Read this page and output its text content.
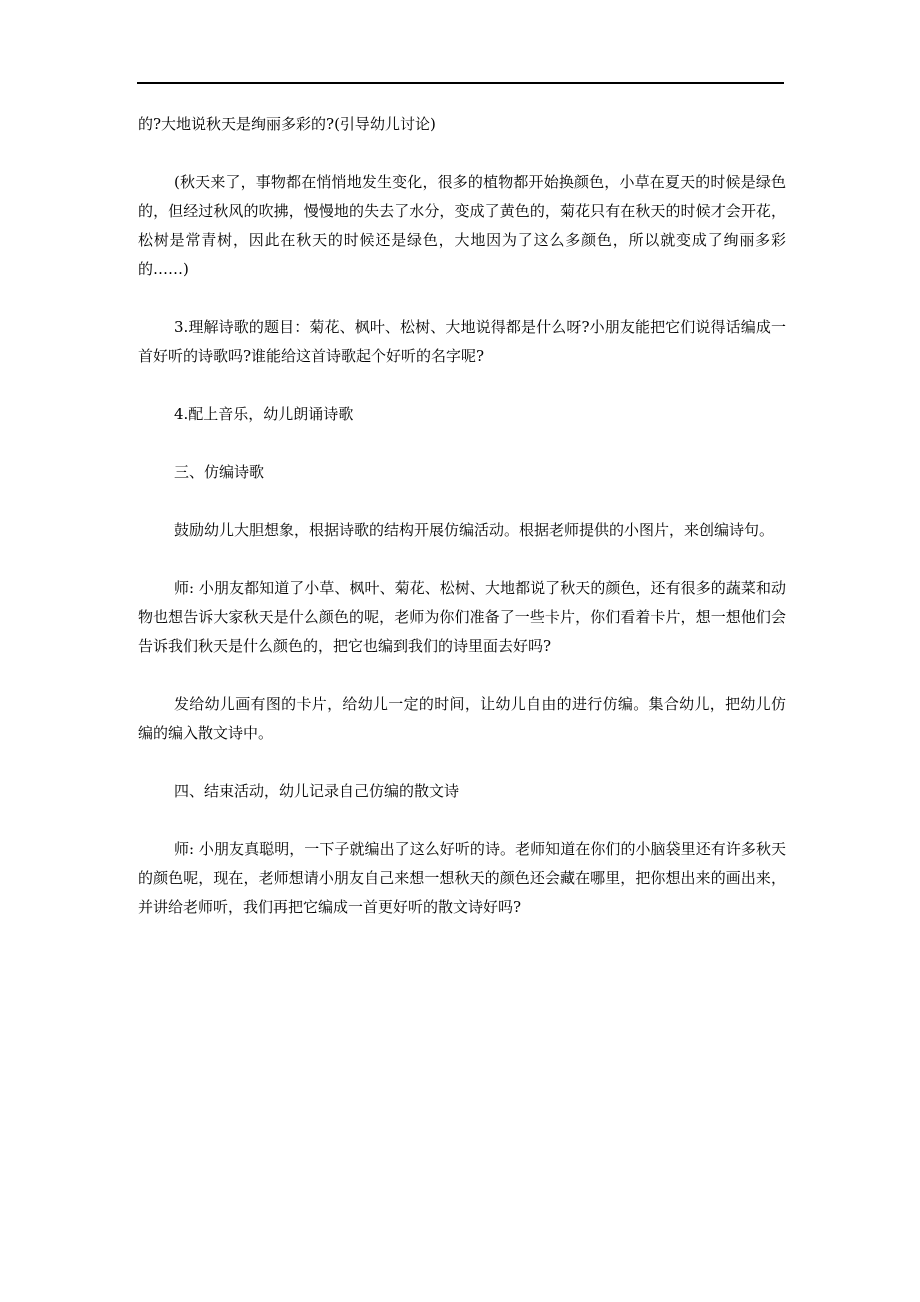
的?大地说秋天是绚丽多彩的?(引导幼儿讨论)

(秋天来了，事物都在悄悄地发生变化，很多的植物都开始换颜色，小草在夏天的时候是绿色的，但经过秋风的吹拂，慢慢地的失去了水分，变成了黄色的，菊花只有在秋天的时候才会开花，松树是常青树，因此在秋天的时候还是绿色，大地因为了这么多颜色，所以就变成了绚丽多彩的……)

3.理解诗歌的题目：菊花、枫叶、松树、大地说得都是什么呀?小朋友能把它们说得话编成一首好听的诗歌吗?谁能给这首诗歌起个好听的名字呢?

4.配上音乐，幼儿朗诵诗歌

三、仿编诗歌

鼓励幼儿大胆想象，根据诗歌的结构开展仿编活动。根据老师提供的小图片，来创编诗句。

师: 小朋友都知道了小草、枫叶、菊花、松树、大地都说了秋天的颜色，还有很多的蔬菜和动物也想告诉大家秋天是什么颜色的呢，老师为你们准备了一些卡片，你们看着卡片，想一想他们会告诉我们秋天是什么颜色的，把它也编到我们的诗里面去好吗?

发给幼儿画有图的卡片，给幼儿一定的时间，让幼儿自由的进行仿编。集合幼儿，把幼儿仿编的编入散文诗中。

四、结束活动，幼儿记录自己仿编的散文诗

师: 小朋友真聪明，一下子就编出了这么好听的诗。老师知道在你们的小脑袋里还有许多秋天的颜色呢，现在，老师想请小朋友自己来想一想秋天的颜色还会藏在哪里，把你想出来的画出来，并讲给老师听，我们再把它编成一首更好听的散文诗好吗?
